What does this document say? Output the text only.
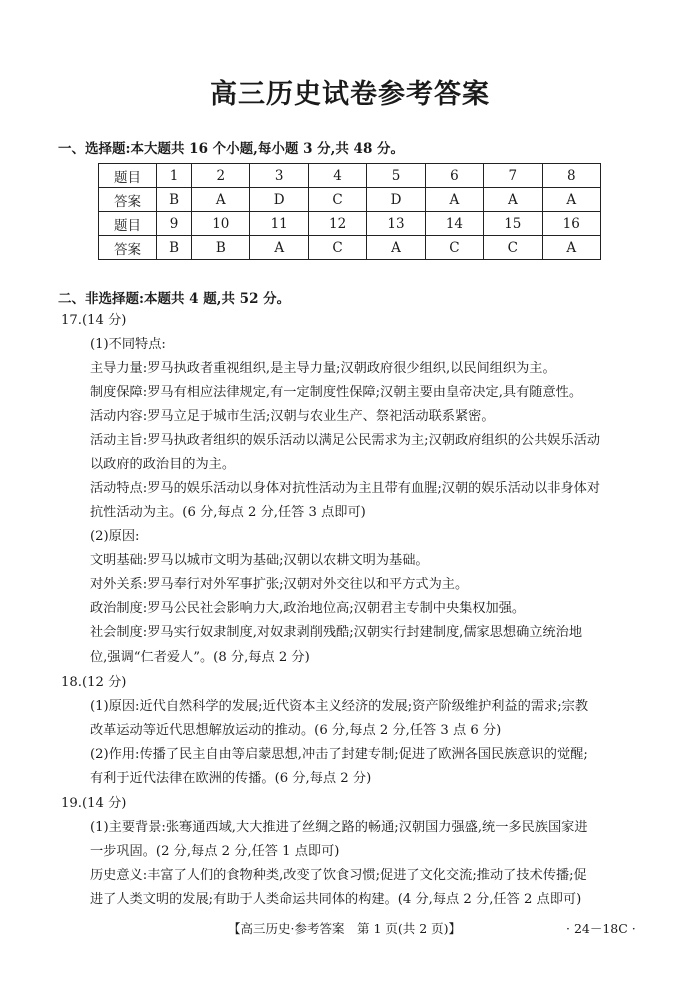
高三历史试卷参考答案
一、选择题:本大题共 16 个小题,每小题 3 分,共 48 分。
题目	1	2	3	4	5	6	7	8
答案	B	A	D	C	D	A	A	A
题目	9	10	11	12	13	14	15	16
答案	B	B	A	C	A	C	C	A
二、非选择题:本题共 4 题,共 52 分。
17.(14 分)
(1)不同特点:
主导力量:罗马执政者重视组织,是主导力量;汉朝政府很少组织,以民间组织为主。
制度保障:罗马有相应法律规定,有一定制度性保障;汉朝主要由皇帝决定,具有随意性。
活动内容:罗马立足于城市生活;汉朝与农业生产、祭祀活动联系紧密。
活动主旨:罗马执政者组织的娱乐活动以满足公民需求为主;汉朝政府组织的公共娱乐活动
以政府的政治目的为主。
活动特点:罗马的娱乐活动以身体对抗性活动为主且带有血腥;汉朝的娱乐活动以非身体对
抗性活动为主。(6 分,每点 2 分,任答 3 点即可)
(2)原因:
文明基础:罗马以城市文明为基础;汉朝以农耕文明为基础。
对外关系:罗马奉行对外军事扩张;汉朝对外交往以和平方式为主。
政治制度:罗马公民社会影响力大,政治地位高;汉朝君主专制中央集权加强。
社会制度:罗马实行奴隶制度,对奴隶剥削残酷;汉朝实行封建制度,儒家思想确立统治地
位,强调“仁者爱人”。(8 分,每点 2 分)
18.(12 分)
(1)原因:近代自然科学的发展;近代资本主义经济的发展;资产阶级维护利益的需求;宗教
改革运动等近代思想解放运动的推动。(6 分,每点 2 分,任答 3 点 6 分)
(2)作用:传播了民主自由等启蒙思想,冲击了封建专制;促进了欧洲各国民族意识的觉醒;
有利于近代法律在欧洲的传播。(6 分,每点 2 分)
19.(14 分)
(1)主要背景:张骞通西域,大大推进了丝绸之路的畅通;汉朝国力强盛,统一多民族国家进
一步巩固。(2 分,每点 2 分,任答 1 点即可)
历史意义:丰富了人们的食物种类,改变了饮食习惯;促进了文化交流;推动了技术传播;促
进了人类文明的发展;有助于人类命运共同体的构建。(4 分,每点 2 分,任答 2 点即可)
【高三历史·参考答案　第 1 页(共 2 页)】	· 24－18C ·
